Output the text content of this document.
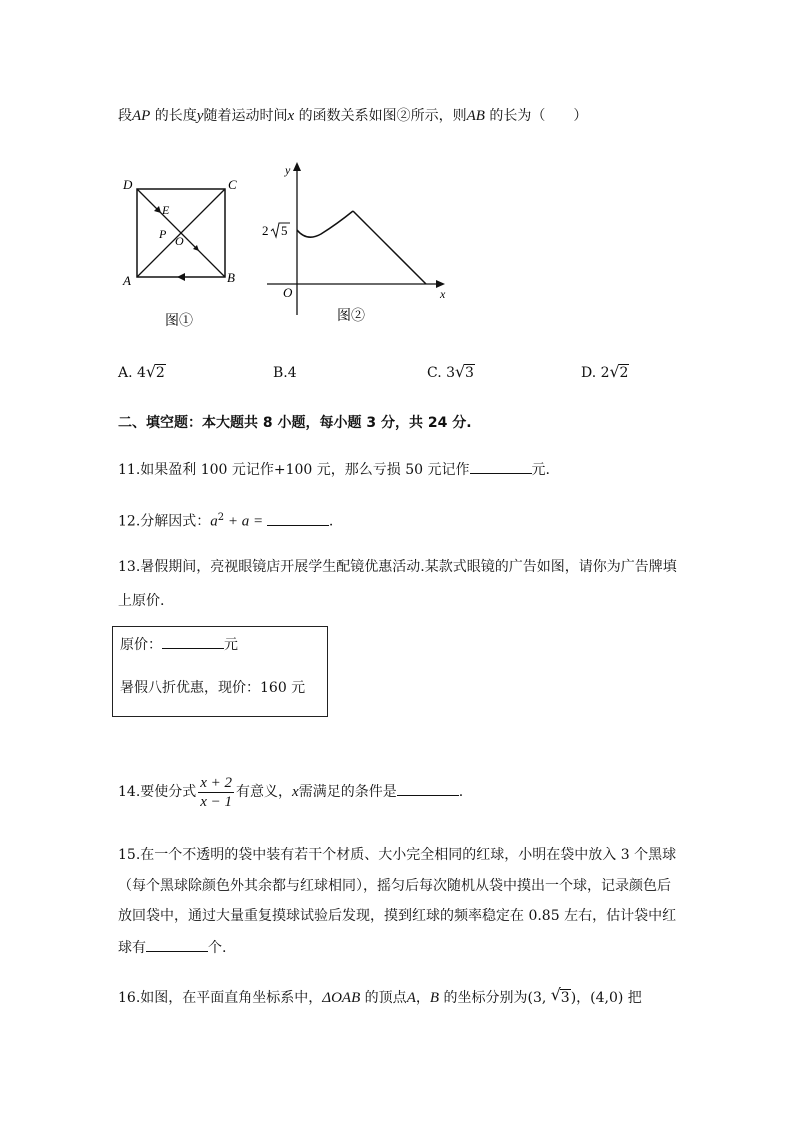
段AP 的长度y随着运动时间x 的函数关系如图②所示，则AB 的长为（　　）
D	C
A	B
E
P O
图①
y
x
O
2 5
图②
A. 4 √ 2	B.4	C. 3 √ 3	D. 2 √ 2
二、填空题：本大题共 8 小题，每小题 3 分，共 24 分.
11.如果盈利 100 元记作+100 元，那么亏损 50 元记作	元.
12.分解因式：$a^2 + a$ =	.
13.暑假期间，亮视眼镜店开展学生配镜优惠活动.某款式眼镜的广告如图，请你为广告牌填
上原价.
原价：	元
暑假八折优惠，现价：160 元
14.要使分式 $\frac{x + 2}{x - 1}$ 有意义，x需满足的条件是	.
15.在一个不透明的袋中装有若干个材质、大小完全相同的红球，小明在袋中放入 3 个黑球
（每个黑球除颜色外其余都与红球相同），摇匀后每次随机从袋中摸出一个球，记录颜色后
放回袋中，通过大量重复摸球试验后发现，摸到红球的频率稳定在 0.85 左右，估计袋中红
球有	个.
16.如图，在平面直角坐标系中，ΔOAB 的顶点A，B 的坐标分别为(3, √ 3)，(4,0) 把
